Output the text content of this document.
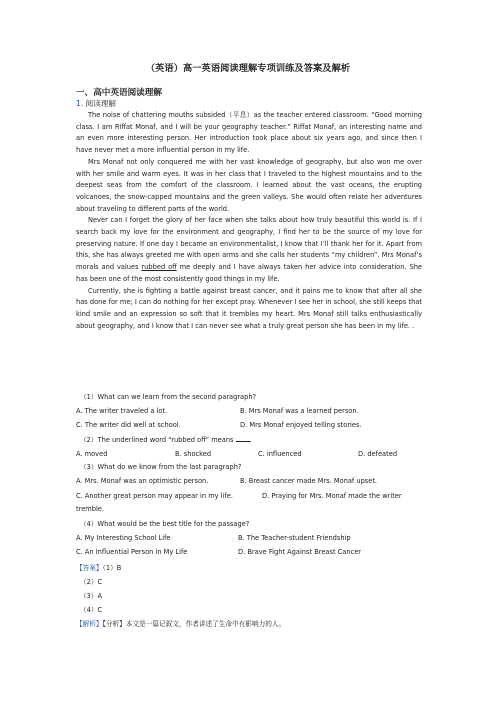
（英语）高一英语阅读理解专项训练及答案及解析
一、高中英语阅读理解
1. 阅读理解

The noise of chattering mouths subsided（平息）as the teacher entered classroom. “Good morning class. I am Riffat Monaf, and I will be your geography teacher.” Riffat Monaf, an interesting name and an even more interesting person. Her introduction took place about six years ago, and since then I have never met a more influential person in my life.

Mrs Monaf not only conquered me with her vast knowledge of geography, but also won me over with her smile and warm eyes. It was in her class that I traveled to the highest mountains and to the deepest seas from the comfort of the classroom. I learned about the vast oceans, the erupting volcanoes, the snow-capped mountains and the green valleys. She would often relate her adventures about traveling to different parts of the world.

Never can I forget the glory of her face when she talks about how truly beautiful this world is. If I search back my love for the environment and geography, I find her to be the source of my love for preserving nature. If one day I became an environmentalist, I know that I’ll thank her for it. Apart from this, she has always greeted me with open arms and she calls her students “my children”. Mrs Monaf’s morals and values rubbed off me deeply and I have always taken her advice into consideration. She has been one of the most consistently good things in my life.

Currently, she is fighting a battle against breast cancer, and it pains me to know that after all she has done for me; I can do nothing for her except pray. Whenever I see her in school, she still keeps that kind smile and an expression so soft that it trembles my heart. Mrs Monaf still talks enthusiastically about geography, and I know that I can never see what a truly great person she has been in my life. .

（1）What can we learn from the second paragraph?
A. The writer traveled a lot.	B. Mrs Monaf was a learned person.
C. The writer did well at school.	D. Mrs Monaf enjoyed telling stories.
（2）The underlined word “rubbed off” means .
A. moved	B. shocked	C. influenced	D. defeated
（3）What do we know from the last paragraph?
A. Mrs. Monaf was an optimistic person.	B. Breast cancer made Mrs. Monaf upset.
C. Another great person may appear in my life.	D. Praying for Mrs. Monaf made the writer
tremble.
（4）What would be the best title for the passage?
A. My Interesting School Life	B. The Teacher-student Friendship
C. An Influential Person in My Life	D. Brave Fight Against Breast Cancer
【答案】（1）B
（2）C
（3）A
（4）C
【解析】【分析】本文是一篇记叙文，作者讲述了生命中有影响力的人。
